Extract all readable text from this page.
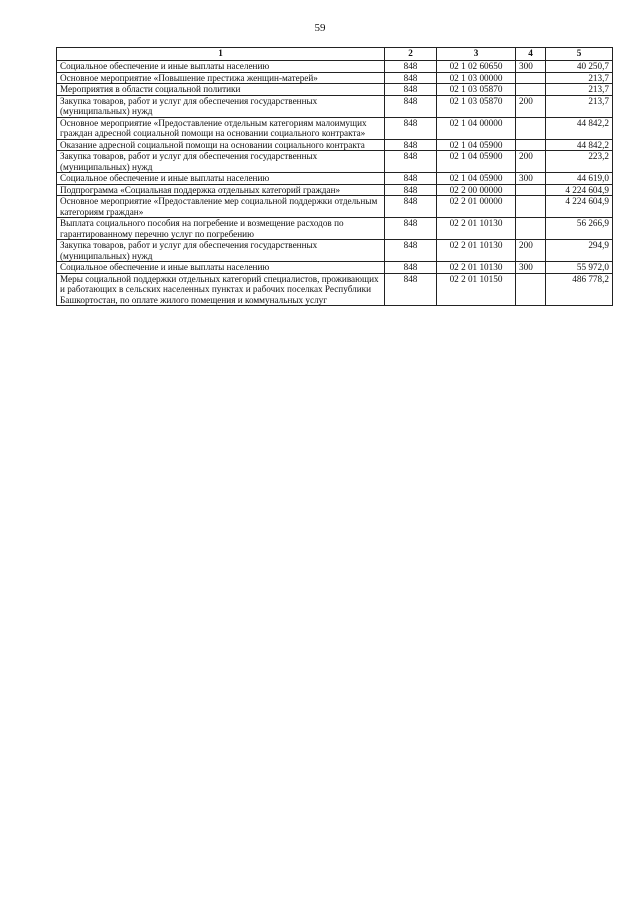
59
1	2	3	4	5
Социальное обеспечение и иные выплаты населению	848	02 1 02 60650	300	40 250,7
Основное мероприятие «Повышение престижа женщин-матерей»	848	02 1 03 00000		213,7
Мероприятия в области социальной политики	848	02 1 03 05870		213,7
Закупка товаров, работ и услуг для обеспечения государственных (муниципальных) нужд	848	02 1 03 05870	200	213,7
Основное мероприятие «Предоставление отдельным категориям малоимущих граждан адресной социальной помощи на основании социального контракта»	848	02 1 04 00000		44 842,2
Оказание адресной социальной помощи на основании социального контракта	848	02 1 04 05900		44 842,2
Закупка товаров, работ и услуг для обеспечения государственных (муниципальных) нужд	848	02 1 04 05900	200	223,2
Социальное обеспечение и иные выплаты населению	848	02 1 04 05900	300	44 619,0
Подпрограмма «Социальная поддержка отдельных категорий граждан»	848	02 2 00 00000		4 224 604,9
Основное мероприятие «Предоставление мер социальной поддержки отдельным категориям граждан»	848	02 2 01 00000		4 224 604,9
Выплата социального пособия на погребение и возмещение расходов по гарантированному перечню услуг по погребению	848	02 2 01 10130		56 266,9
Закупка товаров, работ и услуг для обеспечения государственных (муниципальных) нужд	848	02 2 01 10130	200	294,9
Социальное обеспечение и иные выплаты населению	848	02 2 01 10130	300	55 972,0
Меры социальной поддержки отдельных категорий специалистов, проживающих и работающих в сельских населенных пунктах и рабочих поселках Республики Башкортостан, по оплате жилого помещения и коммунальных услуг	848	02 2 01 10150		486 778,2
